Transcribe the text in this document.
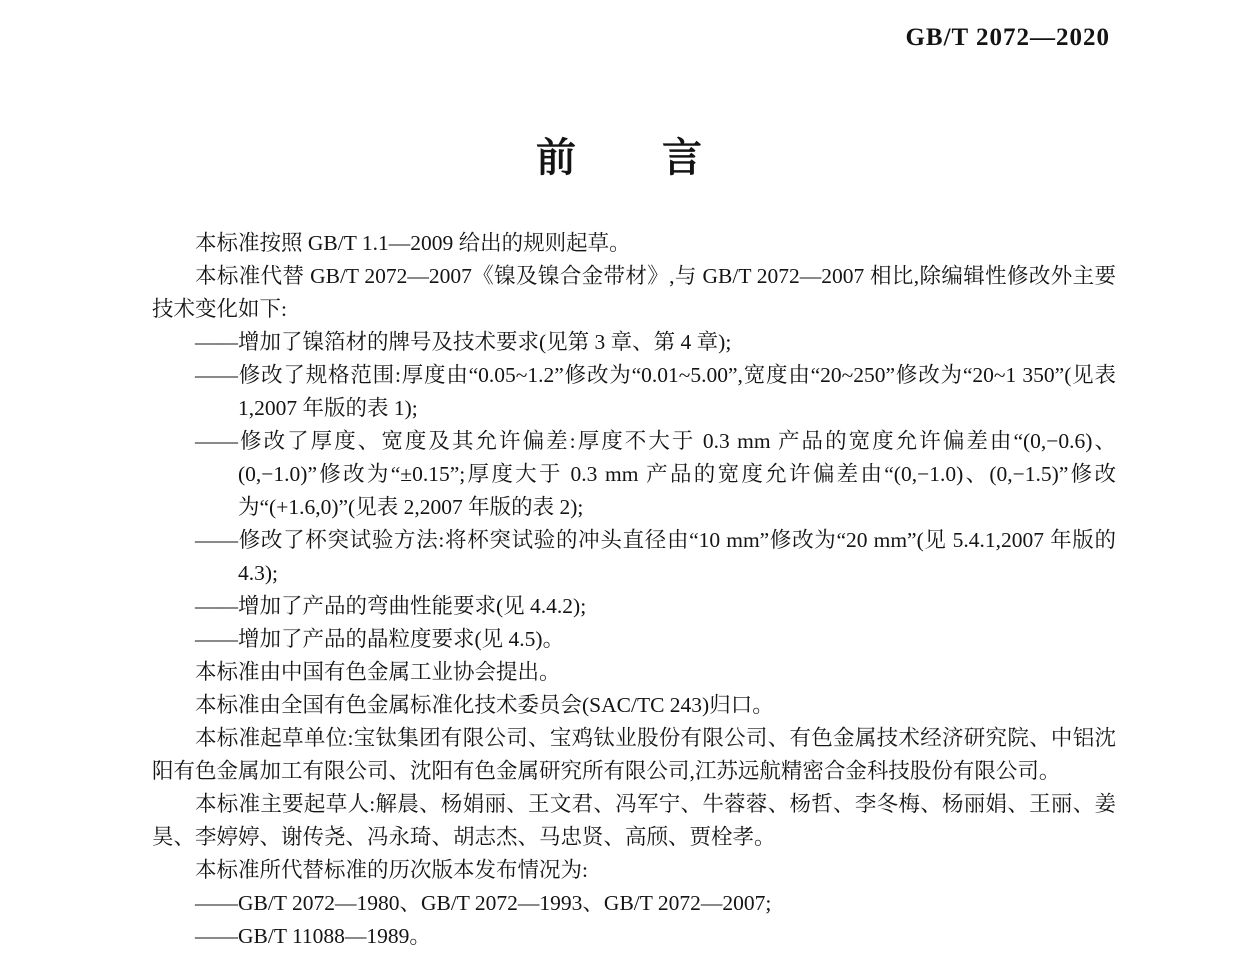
GB/T 2072—2020
前　　言

本标准按照 GB/T 1.1—2009 给出的规则起草。

本标准代替 GB/T 2072—2007《镍及镍合金带材》,与 GB/T 2072—2007 相比,除编辑性修改外主要技术变化如下:

——增加了镍箔材的牌号及技术要求(见第 3 章、第 4 章);

——修改了规格范围:厚度由“0.05~1.2”修改为“0.01~5.00”,宽度由“20~250”修改为“20~1 350”(见表 1,2007 年版的表 1);

——修改了厚度、宽度及其允许偏差:厚度不大于 0.3 mm 产品的宽度允许偏差由“(0,−0.6)、(0,−1.0)”修改为“±0.15”;厚度大于 0.3 mm 产品的宽度允许偏差由“(0,−1.0)、(0,−1.5)”修改为“(+1.6,0)”(见表 2,2007 年版的表 2);

——修改了杯突试验方法:将杯突试验的冲头直径由“10 mm”修改为“20 mm”(见 5.4.1,2007 年版的 4.3);

——增加了产品的弯曲性能要求(见 4.4.2);

——增加了产品的晶粒度要求(见 4.5)。

本标准由中国有色金属工业协会提出。

本标准由全国有色金属标准化技术委员会(SAC/TC 243)归口。

本标准起草单位:宝钛集团有限公司、宝鸡钛业股份有限公司、有色金属技术经济研究院、中铝沈阳有色金属加工有限公司、沈阳有色金属研究所有限公司,江苏远航精密合金科技股份有限公司。

本标准主要起草人:解晨、杨娟丽、王文君、冯军宁、牛蓉蓉、杨哲、李冬梅、杨丽娟、王丽、姜昊、李婷婷、谢传尧、冯永琦、胡志杰、马忠贤、高颀、贾栓孝。

本标准所代替标准的历次版本发布情况为:

——GB/T 2072—1980、GB/T 2072—1993、GB/T 2072—2007;

——GB/T 11088—1989。
